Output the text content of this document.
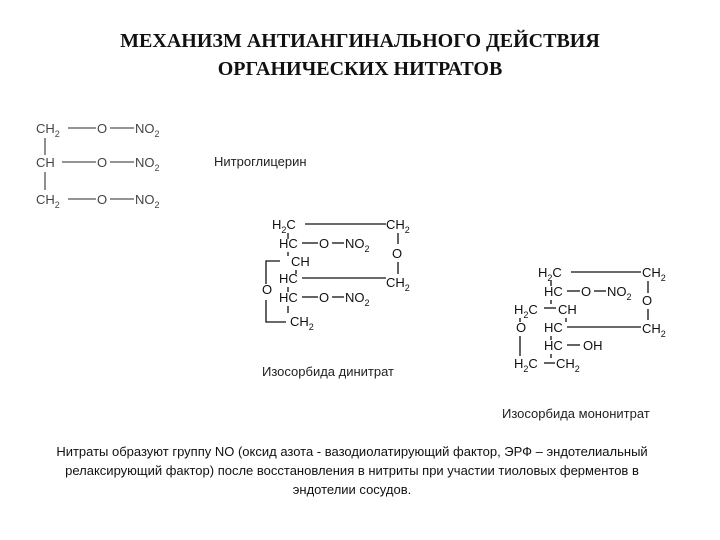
МЕХАНИЗМ АНТИАНГИНАЛЬНОГО ДЕЙСТВИЯ
ОРГАНИЧЕСКИХ НИТРАТОВ
Нитроглицерин
Изосорбида динитрат
Изосорбида мононитрат
Нитраты образуют группу NO (оксид азота - вазодиолатирующий фактор, ЭРФ – эндотелиальный релаксирующий фактор) после восстановления в нитриты при участии тиоловых ферментов в эндотелии сосудов.
$CH_2$	O $NO_2$
CH	O $NO_2$
$CH_2$	O $NO_2$
$H_2C$	$CH_2$
HC O $NO_2$ O
CH
HC	$CH_2$
O
HC O $NO_2$
$CH_2$
$H_2C$	$CH_2$
HC O $NO_2$ O
$H_2C$ CH
O HC	$CH_2$
HC OH
$H_2C$ $CH_2$
